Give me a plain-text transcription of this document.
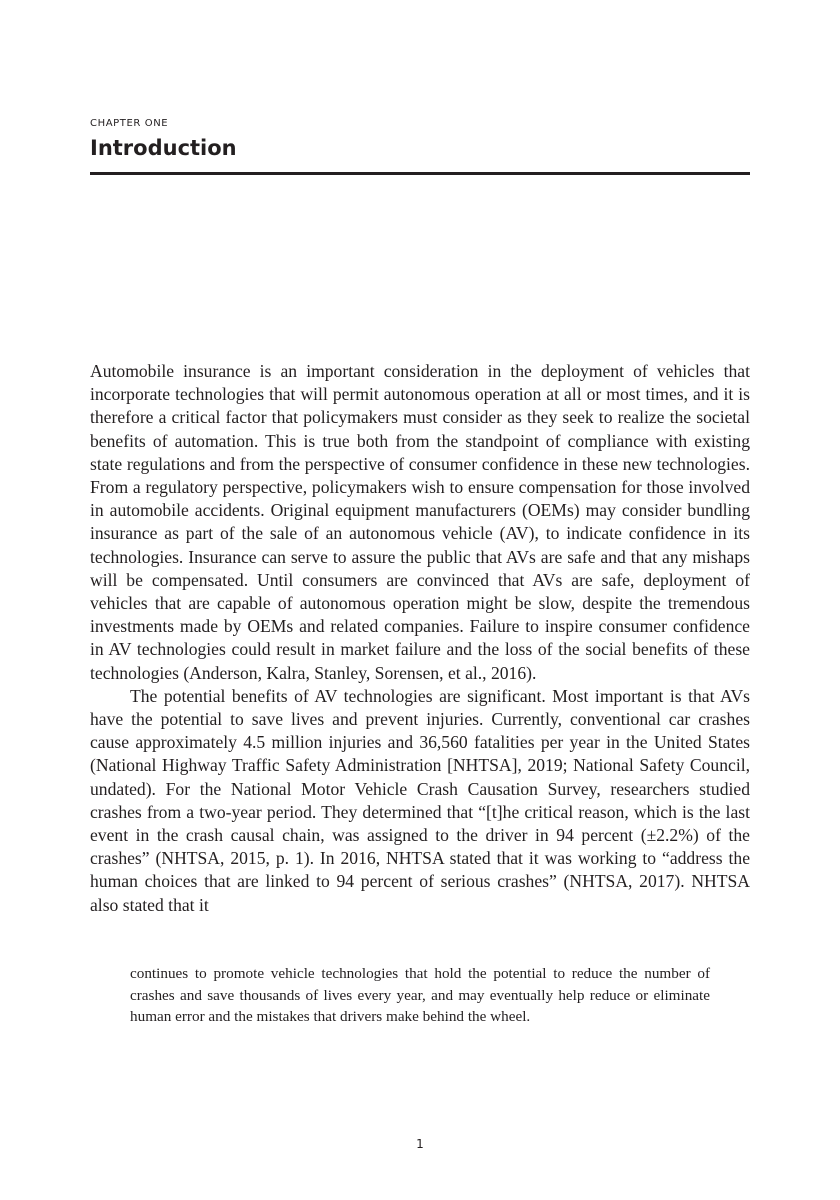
CHAPTER ONE
Introduction

Automobile insurance is an important consideration in the deployment of vehicles that incorporate technologies that will permit autonomous operation at all or most times, and it is therefore a critical factor that policymakers must consider as they seek to realize the societal benefits of automation. This is true both from the standpoint of compliance with existing state regulations and from the perspective of consumer confidence in these new technologies. From a regulatory perspective, policymakers wish to ensure compensation for those involved in automobile accidents. Original equipment manufacturers (OEMs) may consider bundling insurance as part of the sale of an autonomous vehicle (AV), to indicate confidence in its technologies. Insurance can serve to assure the public that AVs are safe and that any mishaps will be compensated. Until consumers are convinced that AVs are safe, deployment of vehicles that are capable of autonomous operation might be slow, despite the tremendous investments made by OEMs and related companies. Failure to inspire consumer confidence in AV technologies could result in market failure and the loss of the social benefits of these technologies (Anderson, Kalra, Stanley, Sorensen, et al., 2016).

The potential benefits of AV technologies are significant. Most important is that AVs have the potential to save lives and prevent injuries. Currently, conventional car crashes cause approximately 4.5 million injuries and 36,560 fatalities per year in the United States (National Highway Traffic Safety Administration [NHTSA], 2019; National Safety Council, undated). For the National Motor Vehicle Crash Causation Survey, researchers studied crashes from a two-year period. They determined that “[t]he critical reason, which is the last event in the crash causal chain, was assigned to the driver in 94 percent (±2.2%) of the crashes” (NHTSA, 2015, p. 1). In 2016, NHTSA stated that it was working to “address the human choices that are linked to 94 percent of serious crashes” (NHTSA, 2017). NHTSA also stated that it

continues to promote vehicle technologies that hold the potential to reduce the number of crashes and save thousands of lives every year, and may eventually help reduce or eliminate human error and the mistakes that drivers make behind the wheel.
1
